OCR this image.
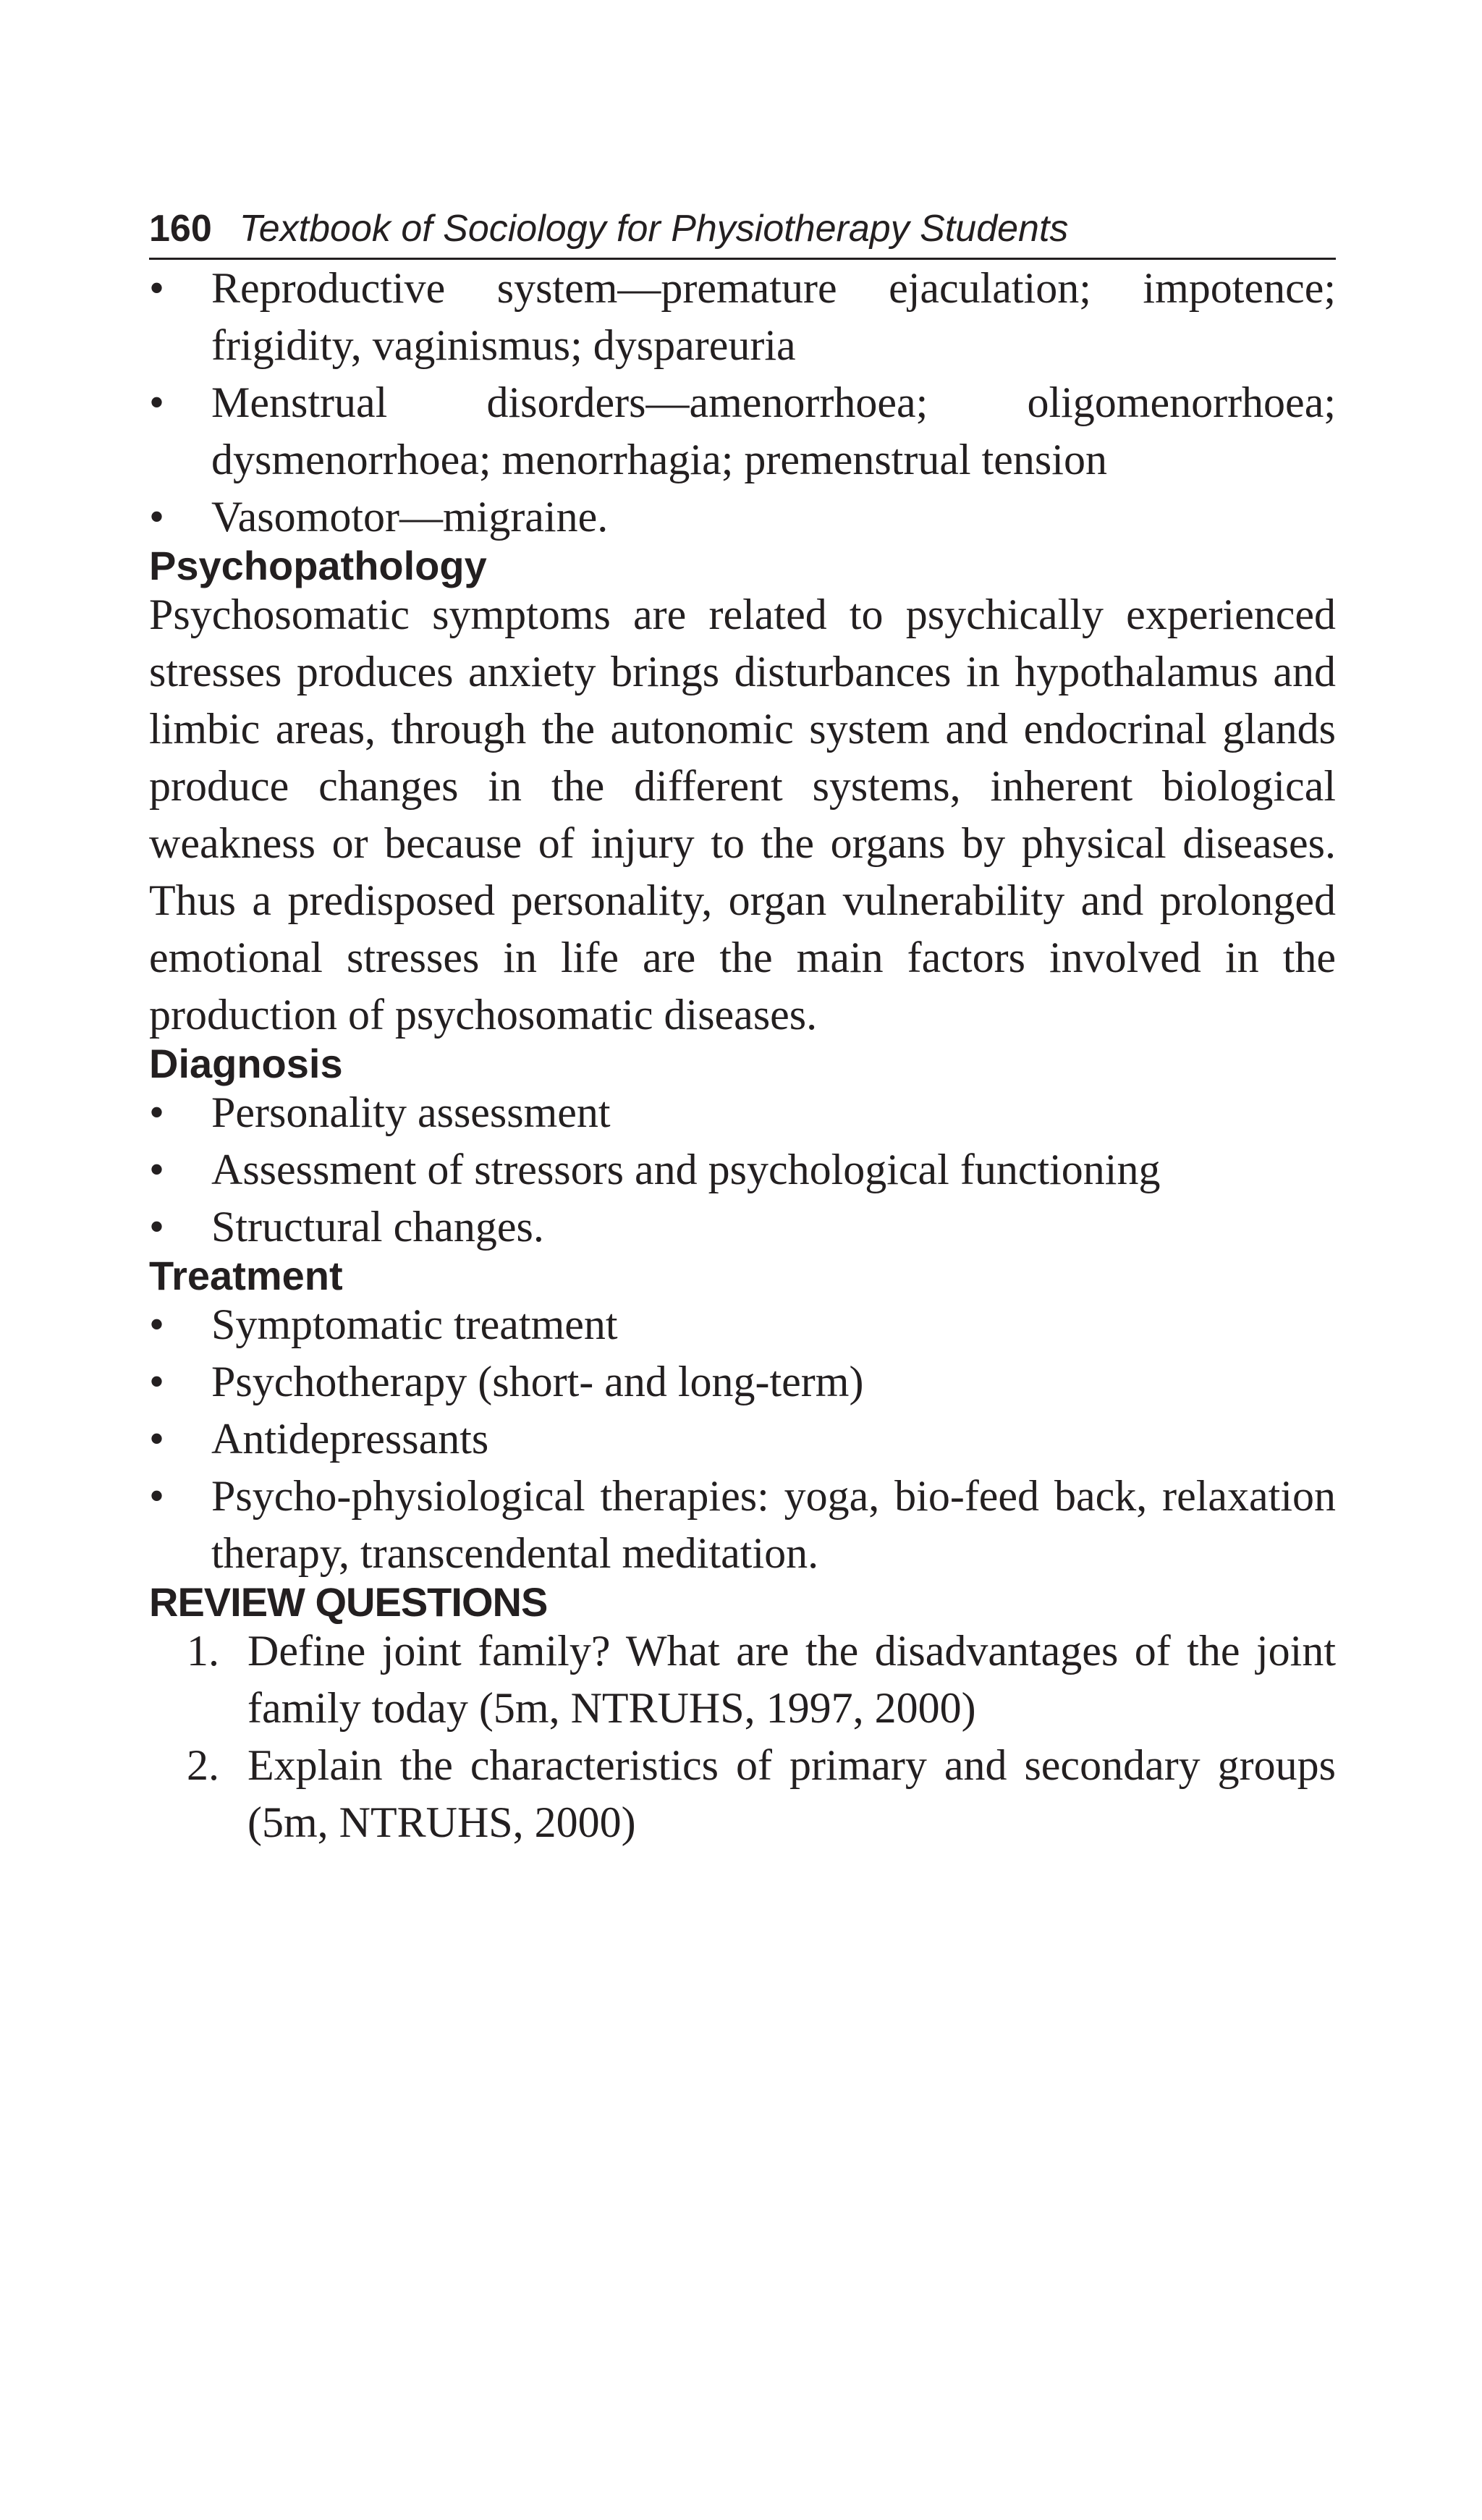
160 Textbook of Sociology for Physiotherapy Students
• Reproductive system—premature ejaculation; impotence; frigidity, vaginismus; dyspareuria
• Menstrual disorders—amenorrhoea; oligomenorrhoea; dysmenorrhoea; menorrhagia; premenstrual tension
• Vasomotor—migraine.
Psychopathology

Psychosomatic symptoms are related to psychically experienced stresses produces anxiety brings disturbances in hypothalamus and limbic areas, through the autonomic system and endocrinal glands produce changes in the different systems, inherent biological weakness or because of injury to the organs by physical diseases. Thus a predisposed personality, organ vulnerability and prolonged emotional stresses in life are the main factors involved in the production of psychosomatic diseases.

Diagnosis
• Personality assessment
• Assessment of stressors and psychological functioning
• Structural changes.
Treatment
• Symptomatic treatment
• Psychotherapy (short- and long-term)
• Antidepressants
• Psycho-physiological therapies: yoga, bio-feed back, relaxation therapy, transcendental meditation.
REVIEW QUESTIONS
1. Define joint family? What are the disadvantages of the joint family today (5m, NTRUHS, 1997, 2000)
2. Explain the characteristics of primary and secondary groups (5m, NTRUHS, 2000)
